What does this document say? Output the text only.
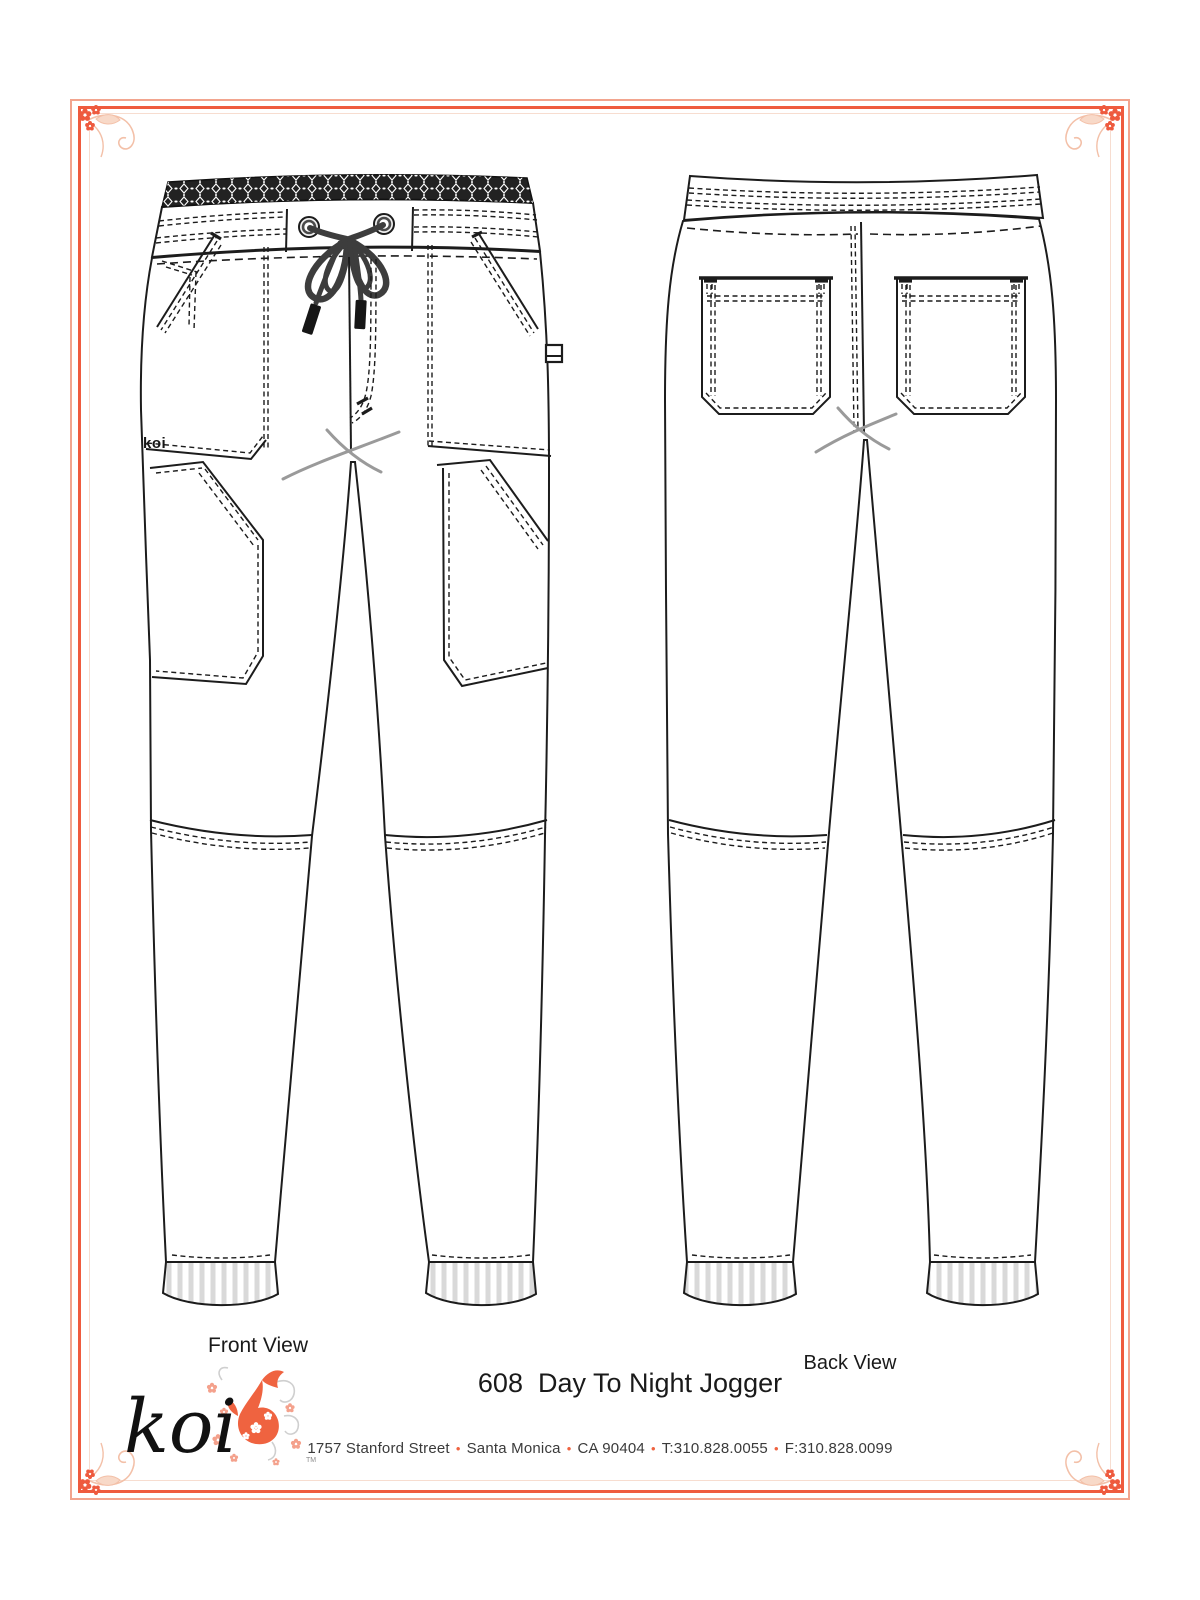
koi
Front View
Back View
608  Day To Night Jogger
koi	TM
1757 Stanford Street • Santa Monica • CA 90404 • T:310.828.0055 • F:310.828.0099
